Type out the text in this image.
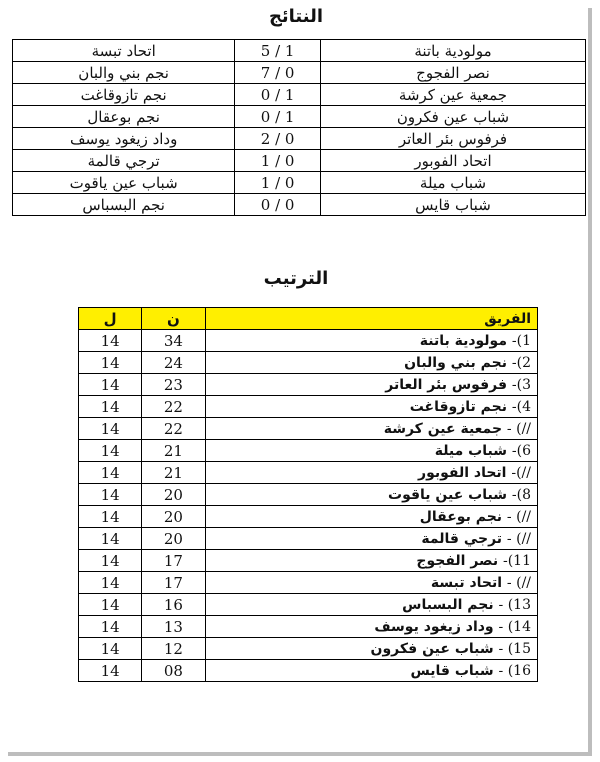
النتائج
مولودية باتنة	1 / 5	اتحاد تبسة
نصر الفجوج	0 / 7	نجم بني والبان
جمعية عين كرشة	1 / 0	نجم تازوقاغت
شباب عين فكرون	1 / 0	نجم بوعقال
فرفوس بئر العاتر	0 / 2	وداد زيغود يوسف
اتحاد الفوبور	0 / 1	ترجي قالمة
شباب ميلة	0 / 1	شباب عين ياقوت
شباب قايس	0 / 0	نجم البسباس
الترتيب
الفريق	ن	ل
1)- مولودية باتنة	34	14
2)- نجم بني والبان	24	14
3)- فرفوس بئر العاتر	23	14
4)- نجم تازوقاغت	22	14
//) - جمعية عين كرشة	22	14
6)- شباب ميلة	21	14
//)- اتحاد الفوبور	21	14
8)- شباب عين ياقوت	20	14
//) - نجم بوعقال	20	14
//) - ترجي قالمة	20	14
11)- نصر الفجوج	17	14
//) - اتحاد تبسة	17	14
13) - نجم البسباس	16	14
14) - وداد زيغود يوسف	13	14
15) - شباب عين فكرون	12	14
16) - شباب قايس	08	14
